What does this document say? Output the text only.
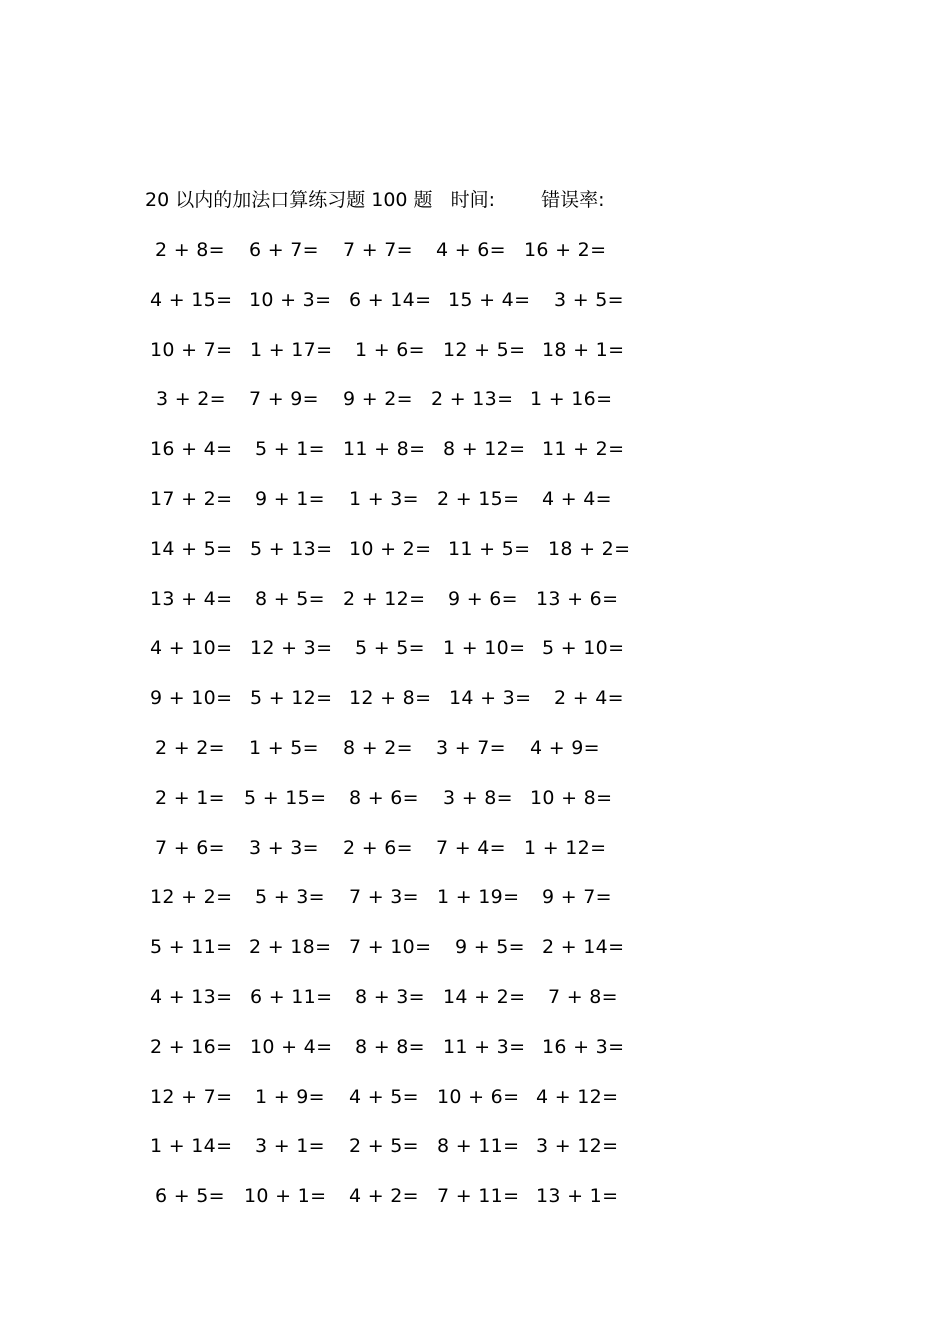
20 以内的加法口算练习题 100 题 时间: 错误率:
2 + 8= 6 + 7= 7 + 7= 4 + 6= 16 + 2=
4 + 15= 10 + 3= 6 + 14= 15 + 4= 3 + 5=
10 + 7= 1 + 17= 1 + 6= 12 + 5= 18 + 1=
3 + 2= 7 + 9= 9 + 2= 2 + 13= 1 + 16=
16 + 4= 5 + 1= 11 + 8= 8 + 12= 11 + 2=
17 + 2= 9 + 1= 1 + 3= 2 + 15= 4 + 4=
14 + 5= 5 + 13= 10 + 2= 11 + 5= 18 + 2=
13 + 4= 8 + 5= 2 + 12= 9 + 6= 13 + 6=
4 + 10= 12 + 3= 5 + 5= 1 + 10= 5 + 10=
9 + 10= 5 + 12= 12 + 8= 14 + 3= 2 + 4=
2 + 2= 1 + 5= 8 + 2= 3 + 7= 4 + 9=
2 + 1= 5 + 15= 8 + 6= 3 + 8= 10 + 8=
7 + 6= 3 + 3= 2 + 6= 7 + 4= 1 + 12=
12 + 2= 5 + 3= 7 + 3= 1 + 19= 9 + 7=
5 + 11= 2 + 18= 7 + 10= 9 + 5= 2 + 14=
4 + 13= 6 + 11= 8 + 3= 14 + 2= 7 + 8=
2 + 16= 10 + 4= 8 + 8= 11 + 3= 16 + 3=
12 + 7= 1 + 9= 4 + 5= 10 + 6= 4 + 12=
1 + 14= 3 + 1= 2 + 5= 8 + 11= 3 + 12=
6 + 5= 10 + 1= 4 + 2= 7 + 11= 13 + 1=
